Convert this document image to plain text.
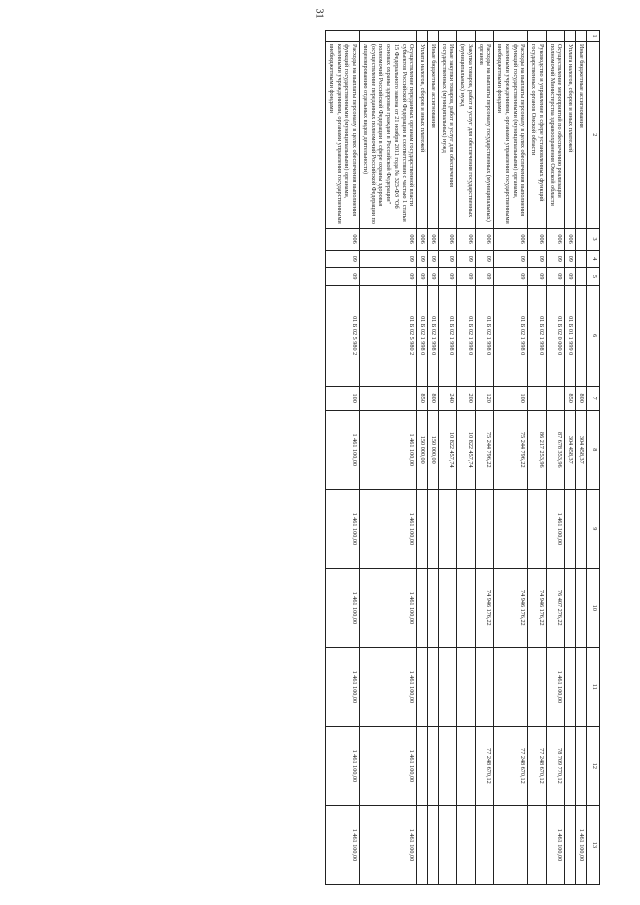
31
1	2	3	4	5	6	7	8	9	10	11	12	13
	Иные бюджетные ассигнования					800	304 458,37					1 461 100,00
	Уплата налогов, сборов и иных платежей	006	09	09	01 Б 01 1 999 0	850	304 458,37					
	Осуществление мероприятий по обеспечению реализации полномочий Министерства здравоохранения Омской области	006	09	09	01 Б 02 0 000 0		87 678 353,96	1 461 100,00	76 407 276,22	1 461 100,00	78 709 770,12	1 461 100,00
	Руководство и управление в сфере установленных функций государственных органов Омской области	006	09	09	01 Б 02 1 998 0		86 217 253,96		74 946 176,22		77 248 670,12	
	Расходы на выплаты персоналу в целях обеспечения выполнения функций государственными (муниципальными) органами, казенными учреждениями, органами управления государственными внебюджетными фондами	006	09	09	01 Б 02 1 998 0	100	75 244 796,22		74 946 176,22		77 248 670,12	
	Расходы на выплаты персоналу государственных (муниципальных) органов	006	09	09	01 Б 02 1 998 0	120	75 244 796,22		74 946 176,22		77 248 670,12	
	Закупка товаров, работ и услуг для обеспечения государственных (муниципальных) нужд	006	09	09	01 Б 02 1 998 0	200	10 822 457,74					
	Иные закупки товаров, работ и услуг для обеспечения государственных (муниципальных) нужд	006	09	09	01 Б 02 1 998 0	240	10 822 457,74					
	Иные бюджетные ассигнования	006	09	09	01 Б 02 1 998 0	800	150 000,00					
	Уплата налогов, сборов и иных платежей	006	09	09	01 Б 02 1 998 0	850	150 000,00					
	Осуществление переданных органам государственной власти субъектов Российской Федерации в соответствии с частью 1 статьи 15 Федерального закона от 21 ноября 2011 года № 323-ФЗ "Об основах охраны здоровья граждан в Российской Федерации" полномочий Российской Федерации в сфере охраны здоровья (осуществление переданных полномочий Российской Федерации по лицензированию отдельных видов деятельности)	006	09	09	01 Б 02 5 980 2		1 461 100,00	1 461 100,00	1 461 100,00	1 461 100,00	1 461 100,00	1 461 100,00
	Расходы на выплаты персоналу в целях обеспечения выполнения функций государственными (муниципальными) органами, казенными учреждениями, органами управления государственными внебюджетными фондами	006	09	09	01 Б 02 5 980 2	100	1 461 100,00	1 461 100,00	1 461 100,00	1 461 100,00	1 461 100,00	1 461 100,00
